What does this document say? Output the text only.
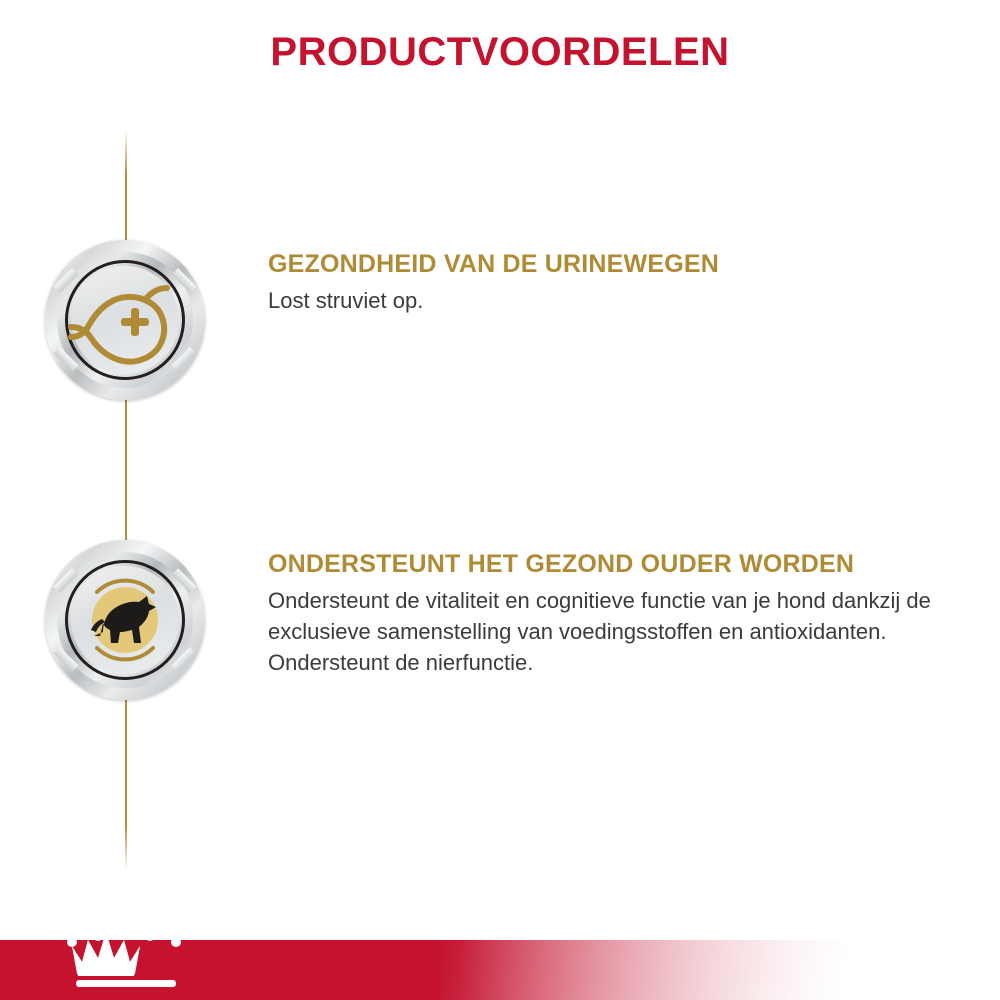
PRODUCTVOORDELEN

GEZONDHEID VAN DE URINEWEGEN

Lost struviet op.

ONDERSTEUNT HET GEZOND OUDER WORDEN

Ondersteunt de vitaliteit en cognitieve functie van je hond dankzij de exclusieve samenstelling van voedingsstoffen en antioxidanten. Ondersteunt de nierfunctie.
